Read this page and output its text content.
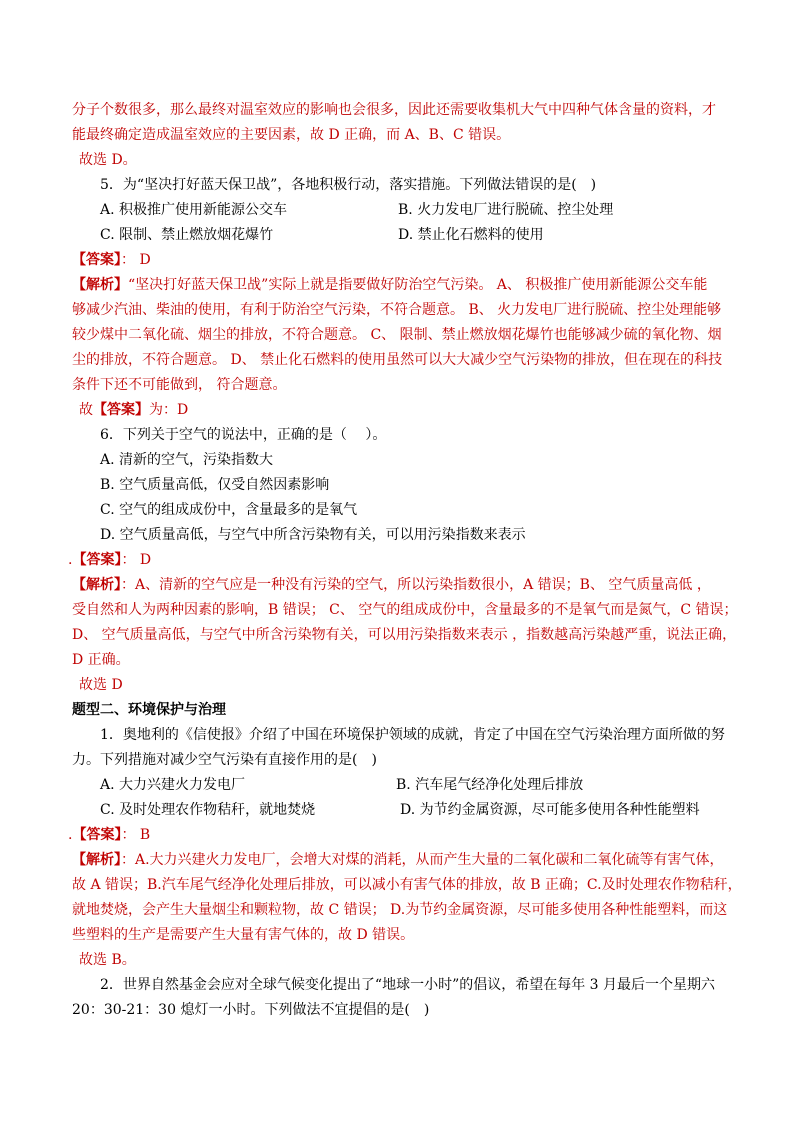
分子个数很多，那么最终对温室效应的影响也会很多，因此还需要收集机大气中四种气体含量的资料，才
能最终确定造成温室效应的主要因素，故 D 正确，而 A、B、C 错误。
故选 D。
5．为“坚决打好蓝天保卫战”，各地积极行动，落实措施。下列做法错误的是(　)
A. 积极推广使用新能源公交车	B. 火力发电厂进行脱硫、控尘处理
C. 限制、禁止燃放烟花爆竹	D. 禁止化石燃料的使用
【答案】： D
【解析】“坚决打好蓝天保卫战”实际上就是指要做好防治空气污染。 A、 积极推广使用新能源公交车能
够减少汽油、柴油的使用，有利于防治空气污染，不符合题意。 B、 火力发电厂进行脱硫、控尘处理能够
较少煤中二氧化硫、烟尘的排放，不符合题意。 C、 限制、禁止燃放烟花爆竹也能够减少硫的氧化物、烟
尘的排放，不符合题意。 D、 禁止化石燃料的使用虽然可以大大减少空气污染物的排放，但在现在的科技
条件下还不可能做到， 符合题意。
故【答案】为：D
6．下列关于空气的说法中，正确的是（　 ）。
A. 清新的空气，污染指数大
B. 空气质量高低，仅受自然因素影响
C. 空气的组成成份中，含量最多的是氧气
D. 空气质量高低，与空气中所含污染物有关，可以用污染指数来表示
.【答案】： D
【解析】：A、清新的空气应是一种没有污染的空气，所以污染指数很小，A 错误；B、 空气质量高低 ，
受自然和人为两种因素的影响，B 错误； C、 空气的组成成份中，含量最多的不是氧气而是氮气，C 错误；
D、 空气质量高低，与空气中所含污染物有关，可以用污染指数来表示 ，指数越高污染越严重，说法正确，
D 正确。
故选 D
题型二、环境保护与治理
1．奥地利的《信使报》介绍了中国在环境保护领域的成就，肯定了中国在空气污染治理方面所做的努
力。下列措施对减少空气污染有直接作用的是(　)
A. 大力兴建火力发电厂	B. 汽车尾气经净化处理后排放
C. 及时处理农作物秸秆，就地焚烧	D. 为节约金属资源，尽可能多使用各种性能塑料
.【答案】： B
【解析】：A.大力兴建火力发电厂，会增大对煤的消耗，从而产生大量的二氧化碳和二氧化硫等有害气体，
故 A 错误；B.汽车尾气经净化处理后排放，可以减小有害气体的排放，故 B 正确；C.及时处理农作物秸秆，
就地焚烧，会产生大量烟尘和颗粒物，故 C 错误； D.为节约金属资源，尽可能多使用各种性能塑料，而这
些塑料的生产是需要产生大量有害气体的，故 D 错误。
故选 B。
2．世界自然基金会应对全球气候变化提出了“地球一小时”的倡议，希望在每年 3 月最后一个星期六
20：30-21：30 熄灯一小时。下列做法不宜提倡的是(　)
